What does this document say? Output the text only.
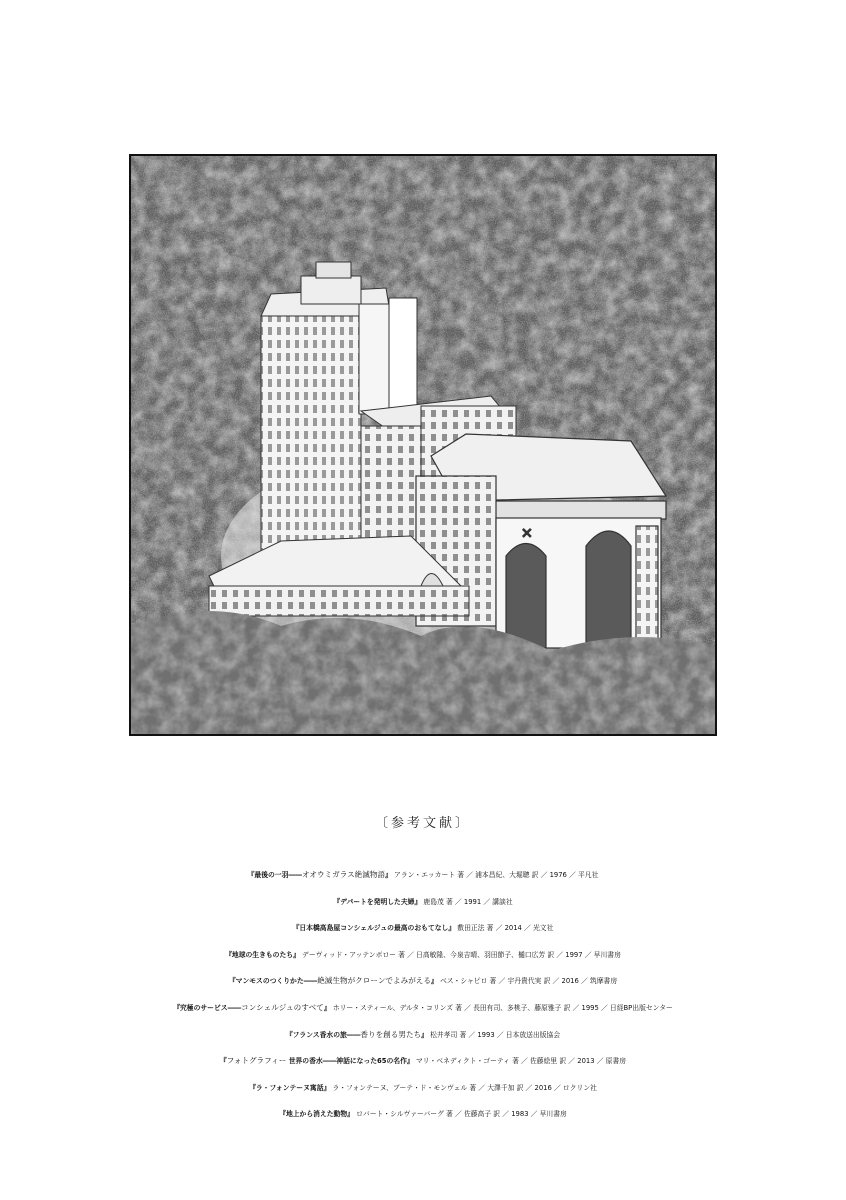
✕
〔参考文献〕
『最後の一羽――オオウミガラス絶滅物語』 アラン・エッカート 著 ／ 浦本昌紀、大堀聰 訳 ／ 1976 ／ 平凡社
『デパートを発明した夫婦』 鹿島茂 著 ／ 1991 ／ 講談社
『日本橋高島屋コンシェルジュの最高のおもてなし』 敷田正法 著 ／ 2014 ／ 光文社
『地球の生きものたち』 デーヴィッド・アッテンボロー 著 ／ 日高敏隆、今泉吉晴、羽田節子、樋口広芳 訳 ／ 1997 ／ 早川書房
『マンモスのつくりかた――絶滅生物がクローンでよみがえる』 ベス・シャピロ 著 ／ 宇丹貴代実 訳 ／ 2016 ／ 筑摩書房
『究極のサービス――コンシェルジュのすべて』 ホリー・スティール、デルタ・コリンズ 著 ／ 長田有司、多桃子、藤原雅子 訳 ／ 1995 ／ 日経BP出版センター
『フランス香水の旅――香りを創る男たち』 松井孝司 著 ／ 1993 ／ 日本放送出版協会
『フォトグラフィー 世界の香水――神話になった65の名作』 マリ・ベネディクト・ゴーティ 著 ／ 佐藤絵里 訳 ／ 2013 ／ 原書房
『ラ・フォンテーヌ寓話』 ラ・フォンテーヌ、ブーテ・ド・モンヴェル 著 ／ 大澤千加 訳 ／ 2016 ／ ロクリン社
『地上から消えた動物』 ロバート・シルヴァーバーグ 著 ／ 佐藤高子 訳 ／ 1983 ／ 早川書房
